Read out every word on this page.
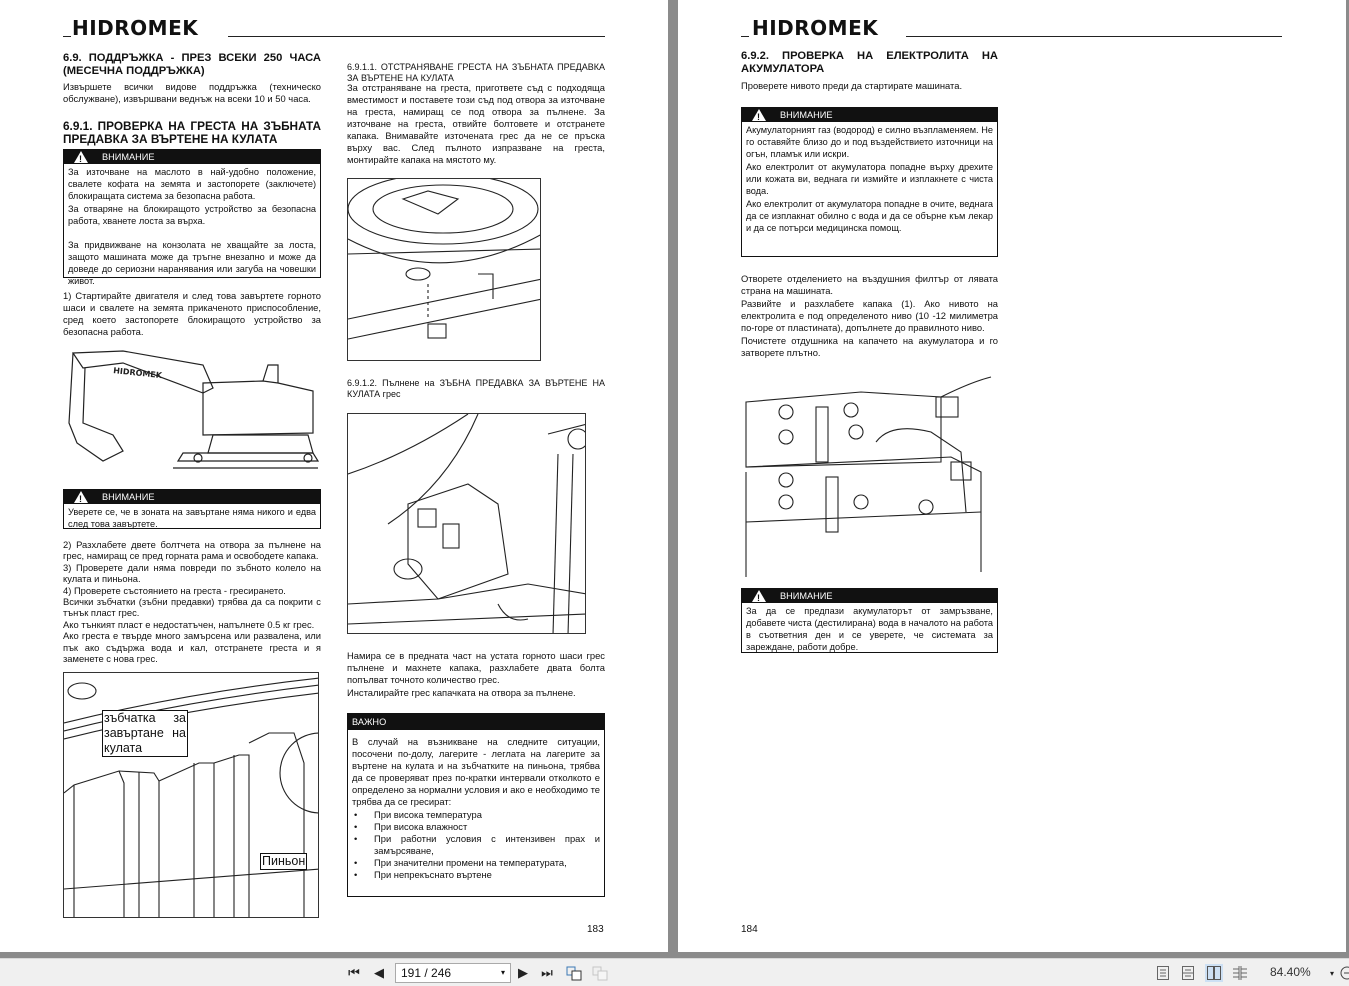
HIDROMEK
6.9. ПОДДРЪЖКА - ПРЕЗ ВСЕКИ 250 ЧАСА (МЕСЕЧНА ПОДДРЪЖКА)
Извършете всички видове поддръжка (техническо обслужване), извършвани веднъж на всеки 10 и 50 часа.
6.9.1. ПРОВЕРКА НА ГРЕСТА НА ЗЪБНАТА ПРЕДАВКА ЗА ВЪРТЕНЕ НА КУЛАТА
!
ВНИМАНИЕ

За източване на маслото в най-удобно положение, свалете кофата на земята и застопорете (заключете) блокиращата система за безопасна работа.

За отваряне на блокиращото устройство за безопасна работа, хванете лоста за върха.

За придвижване на конзолата не хващайте за лоста, защото машината може да тръгне внезапно и може да доведе до сериозни наранявания или загуба на човешки живот.

1) Стартирайте двигателя и след това завъртете горното шаси и свалете на земята прикаченото приспособление, сред което застопорете блокиращото устройство за безопасна работа.
HIDROMEK
!
ВНИМАНИЕ

Уверете се, че в зоната на завъртане няма никого и едва след това завъртете.

2) Разхлабете двете болтчета на отвора за пълнене на грес, намиращ се пред горната рама и освободете капака.

3) Проверете дали няма повреди по зъбното колело на кулата и пиньона.

4) Проверете състоянието на греста - гресирането.

Всички зъбчатки (зъбни предавки) трябва да са покрити с тънък пласт грес.

Ако тънкият пласт е недостатъчен, напълнете 0.5 кг грес.

Ако греста е твърде много замърсена или развалена, или пък ако съдържа вода и кал, отстранете греста и я заменете с нова грес.

зъбчатка за завъртане на кулата
Пиньон
6.9.1.1. ОТСТРАНЯВАНЕ ГРЕСТА НА ЗЪБНАТА ПРЕДАВКА ЗА ВЪРТЕНЕ НА КУЛАТА
За отстраняване на греста, пригответе съд с подходяща вместимост и поставете този съд под отвора за източване на греста, намиращ се под отвора за пълнене. За източване на греста, отвийте болтовете и отстранете капака. Внимавайте източената грес да не се пръска върху вас. След пълното изпразване на греста, монтирайте капака на мястото му.
6.9.1.2. Пълнене на ЗЪБНА ПРЕДАВКА ЗА ВЪРТЕНЕ НА КУЛАТА грес

Намира се в предната част на устата горното шаси грес пълнене и махнете капака, разхлабете двата болта попълват точното количество грес.

Инсталирайте грес капачката на отвора за пълнене.

ВАЖНО

В случай на възникване на следните ситуации, посочени по-долу, лагерите - леглата на лагерите за въртене на кулата и на зъбчатките на пиньона, трябва да се проверяват през по-кратки интервали отколкото е определено за нормални условия и ако е необходимо те трябва да се гресират:

• При висока температура
• При висока влажност
• При работни условия с интензивен прах и замърсяване,
• При значителни промени на температурата,
• При непрекъснато въртене
183
HIDROMEK
6.9.2. ПРОВЕРКА НА ЕЛЕКТРОЛИТА НА АКУМУЛАТОРА
Проверете нивото преди да стартирате машината.
!
ВНИМАНИЕ

Акумулаторният газ (водород) е силно възпламеняем. Не го оставяйте близо до и под въздействието източници на огън, пламък или искри.

Ако електролит от акумулатора попадне върху дрехите или кожата ви, веднага ги измийте и изплакнете с чиста вода.

Ако електролит от акумулатора попадне в очите, веднага да се изплакнат обилно с вода и да се обърне към лекар и да се потърси медицинска помощ.

Отворете отделението на въздушния филтър от лявата страна на машината.

Развийте и разхлабете капака (1). Ако нивото на електролита е под определеното ниво (10 -12 милиметра по-горе от пластината), допълнете до правилното ниво.

Почистете отдушника на капачето на акумулатора и го затворете плътно.

!
ВНИМАНИЕ

За да се предпази акумулаторът от замръзване, добавете чиста (дестилирана) вода в началото на работа в съответния ден и се уверете, че системата за зареждане, работи добре.

184
⏮	◀	191 / 246	▾	▶	⏭	84.40%	▾
